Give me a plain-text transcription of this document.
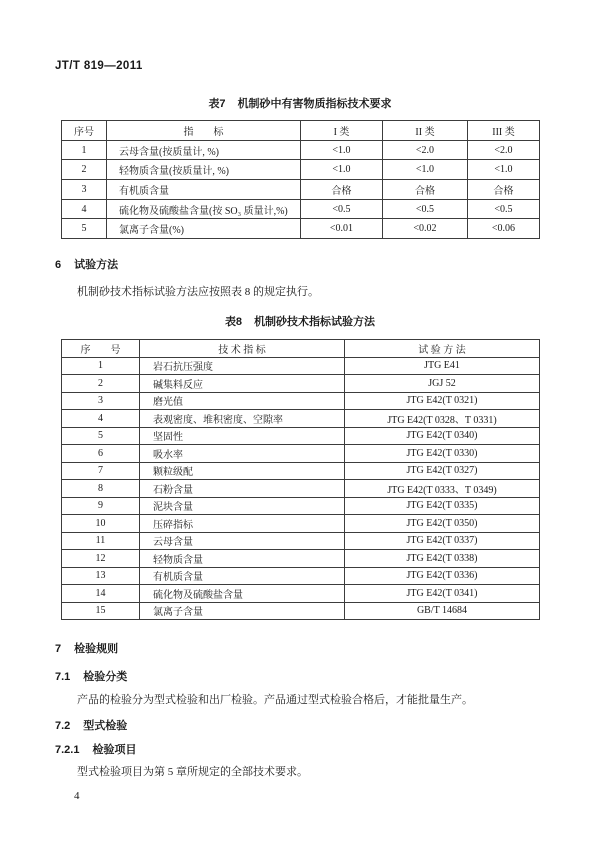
JT/T 819—2011
表7 机制砂中有害物质指标技术要求
序号	指　　标	I 类	II 类	III 类
1	云母含量(按质量计, %)	<1.0	<2.0	<2.0
2	轻物质含量(按质量计, %)	<1.0	<1.0	<1.0
3	有机质含量	合格	合格	合格
4	硫化物及硫酸盐含量(按 SO₃ 质量计,%)	<0.5	<0.5	<0.5
5	氯离子含量(%)	<0.01	<0.02	<0.06
6 试验方法
机制砂技术指标试验方法应按照表 8 的规定执行。
表8 机制砂技术指标试验方法
序　　号	技 术 指 标	试 验 方 法
1	岩石抗压强度	JTG E41
2	碱集料反应	JGJ 52
3	磨光值	JTG E42(T 0321)
4	表观密度、堆积密度、空隙率	JTG E42(T 0328、T 0331)
5	坚固性	JTG E42(T 0340)
6	吸水率	JTG E42(T 0330)
7	颗粒级配	JTG E42(T 0327)
8	石粉含量	JTG E42(T 0333、T 0349)
9	泥块含量	JTG E42(T 0335)
10	压碎指标	JTG E42(T 0350)
11	云母含量	JTG E42(T 0337)
12	轻物质含量	JTG E42(T 0338)
13	有机质含量	JTG E42(T 0336)
14	硫化物及硫酸盐含量	JTG E42(T 0341)
15	氯离子含量	GB/T 14684
7 检验规则
7.1 检验分类
产品的检验分为型式检验和出厂检验。产品通过型式检验合格后，才能批量生产。
7.2 型式检验
7.2.1 检验项目
型式检验项目为第 5 章所规定的全部技术要求。
4
